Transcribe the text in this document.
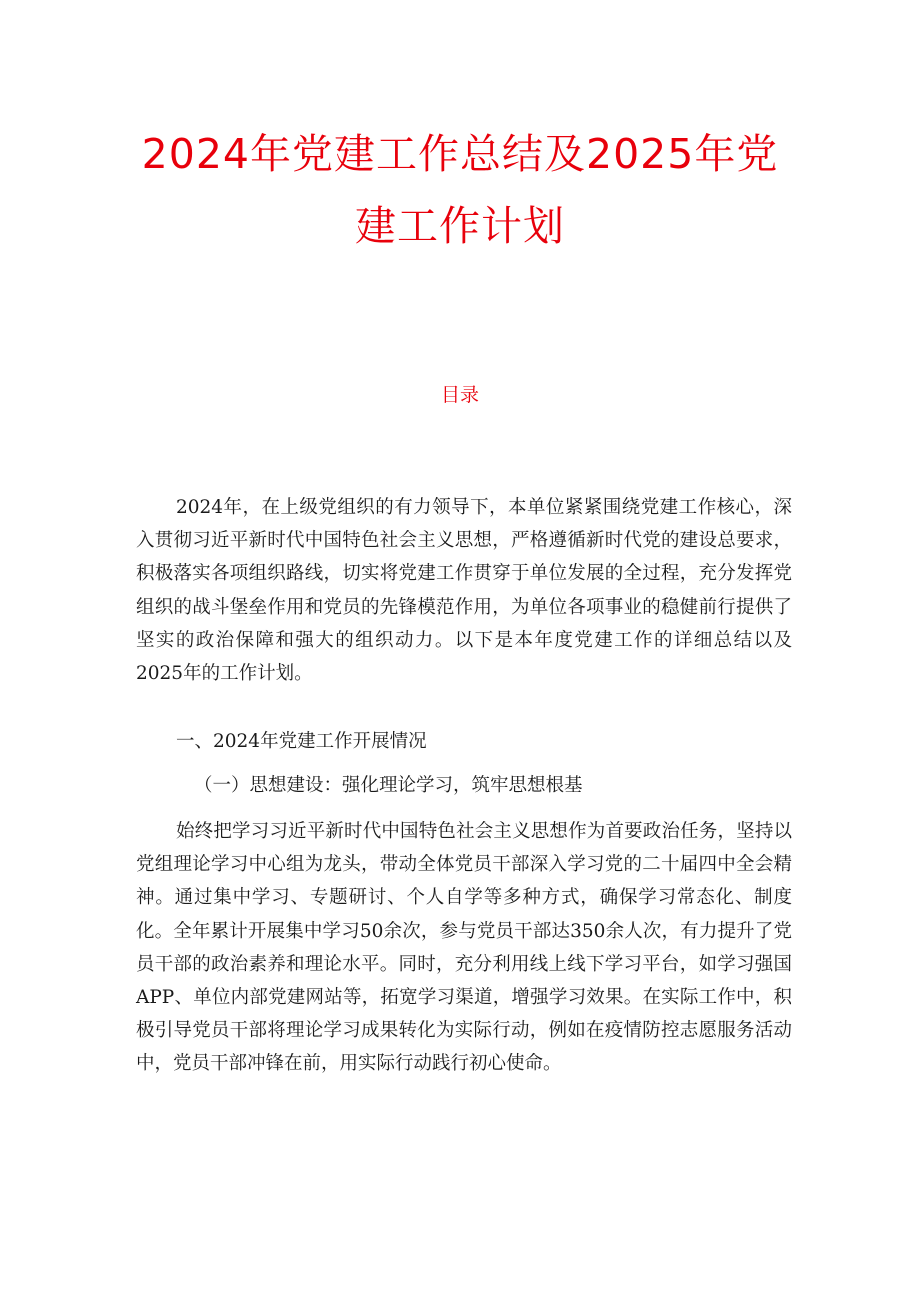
2024年党建工作总结及2025年党
建工作计划
目录

2024年，在上级党组织的有力领导下，本单位紧紧围绕党建工作核心，深入贯彻习近平新时代中国特色社会主义思想，严格遵循新时代党的建设总要求，积极落实各项组织路线，切实将党建工作贯穿于单位发展的全过程，充分发挥党组织的战斗堡垒作用和党员的先锋模范作用，为单位各项事业的稳健前行提供了坚实的政治保障和强大的组织动力。以下是本年度党建工作的详细总结以及2025年的工作计划。

一、2024年党建工作开展情况

（一）思想建设：强化理论学习，筑牢思想根基

始终把学习习近平新时代中国特色社会主义思想作为首要政治任务，坚持以党组理论学习中心组为龙头，带动全体党员干部深入学习党的二十届四中全会精神。通过集中学习、专题研讨、个人自学等多种方式，确保学习常态化、制度化。全年累计开展集中学习50余次，参与党员干部达350余人次，有力提升了党员干部的政治素养和理论水平。同时，充分利用线上线下学习平台，如学习强国APP、单位内部党建网站等，拓宽学习渠道，增强学习效果。在实际工作中，积极引导党员干部将理论学习成果转化为实际行动，例如在疫情防控志愿服务活动中，党员干部冲锋在前，用实际行动践行初心使命。
